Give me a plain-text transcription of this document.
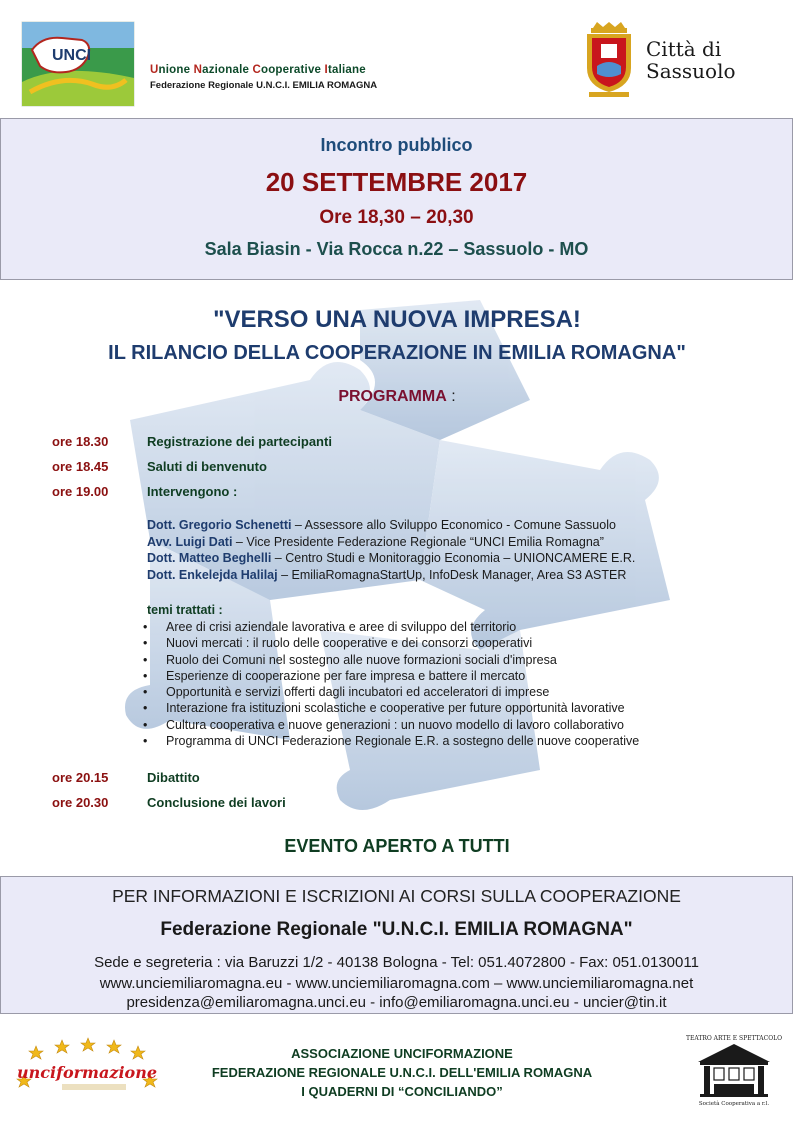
UNCI
Unione Nazionale Cooperative Italiane
Federazione Regionale U.N.C.I. EMILIA ROMAGNA
Città di
Sassuolo
Incontro pubblico
20 SETTEMBRE 2017
Ore 18,30 – 20,30
Sala Biasin - Via Rocca n.22 – Sassuolo - MO
"VERSO UNA NUOVA IMPRESA!
IL RILANCIO DELLA COOPERAZIONE IN EMILIA ROMAGNA"
PROGRAMMA :
ore 18.30	Registrazione dei partecipanti
ore 18.45	Saluti di benvenuto
ore 19.00	Intervengono :
Dott. Gregorio Schenetti – Assessore allo Sviluppo Economico - Comune Sassuolo
Avv. Luigi Dati – Vice Presidente Federazione Regionale “UNCI Emilia Romagna”
Dott. Matteo Beghelli – Centro Studi e Monitoraggio Economia – UNIONCAMERE E.R.
Dott. Enkelejda Halilaj – EmiliaRomagnaStartUp, InfoDesk Manager, Area S3 ASTER
temi trattati :
• Aree di crisi aziendale lavorativa e aree di sviluppo del territorio
• Nuovi mercati : il ruolo delle cooperative e dei consorzi cooperativi
• Ruolo dei Comuni nel sostegno alle nuove formazioni sociali d'impresa
• Esperienze di cooperazione per fare impresa e battere il mercato
• Opportunità e servizi offerti dagli incubatori ed acceleratori di imprese
• Interazione fra istituzioni scolastiche e cooperative per future opportunità lavorative
• Cultura cooperativa e nuove generazioni : un nuovo modello di lavoro collaborativo
• Programma di UNCI Federazione Regionale E.R. a sostegno delle nuove cooperative
ore 20.15	Dibattito
ore 20.30	Conclusione dei lavori
EVENTO APERTO A TUTTI
PER INFORMAZIONI E ISCRIZIONI AI CORSI SULLA COOPERAZIONE
Federazione Regionale "U.N.C.I. EMILIA ROMAGNA"
Sede e segreteria : via Baruzzi 1/2 - 40138 Bologna - Tel: 051.4072800 - Fax: 051.0130011
www.unciemiliaromagna.eu - www.unciemiliaromagna.com – www.unciemiliaromagna.net
presidenza@emiliaromagna.unci.eu - info@emiliaromagna.unci.eu - uncier@tin.it
unciformazione
ASSOCIAZIONE UNCIFORMAZIONE
FEDERAZIONE REGIONALE U.N.C.I. DELL'EMILIA ROMAGNA
I QUADERNI DI “CONCILIANDO”
TEATRO ARTE E SPETTACOLO
Società Cooperativa a r.l.
